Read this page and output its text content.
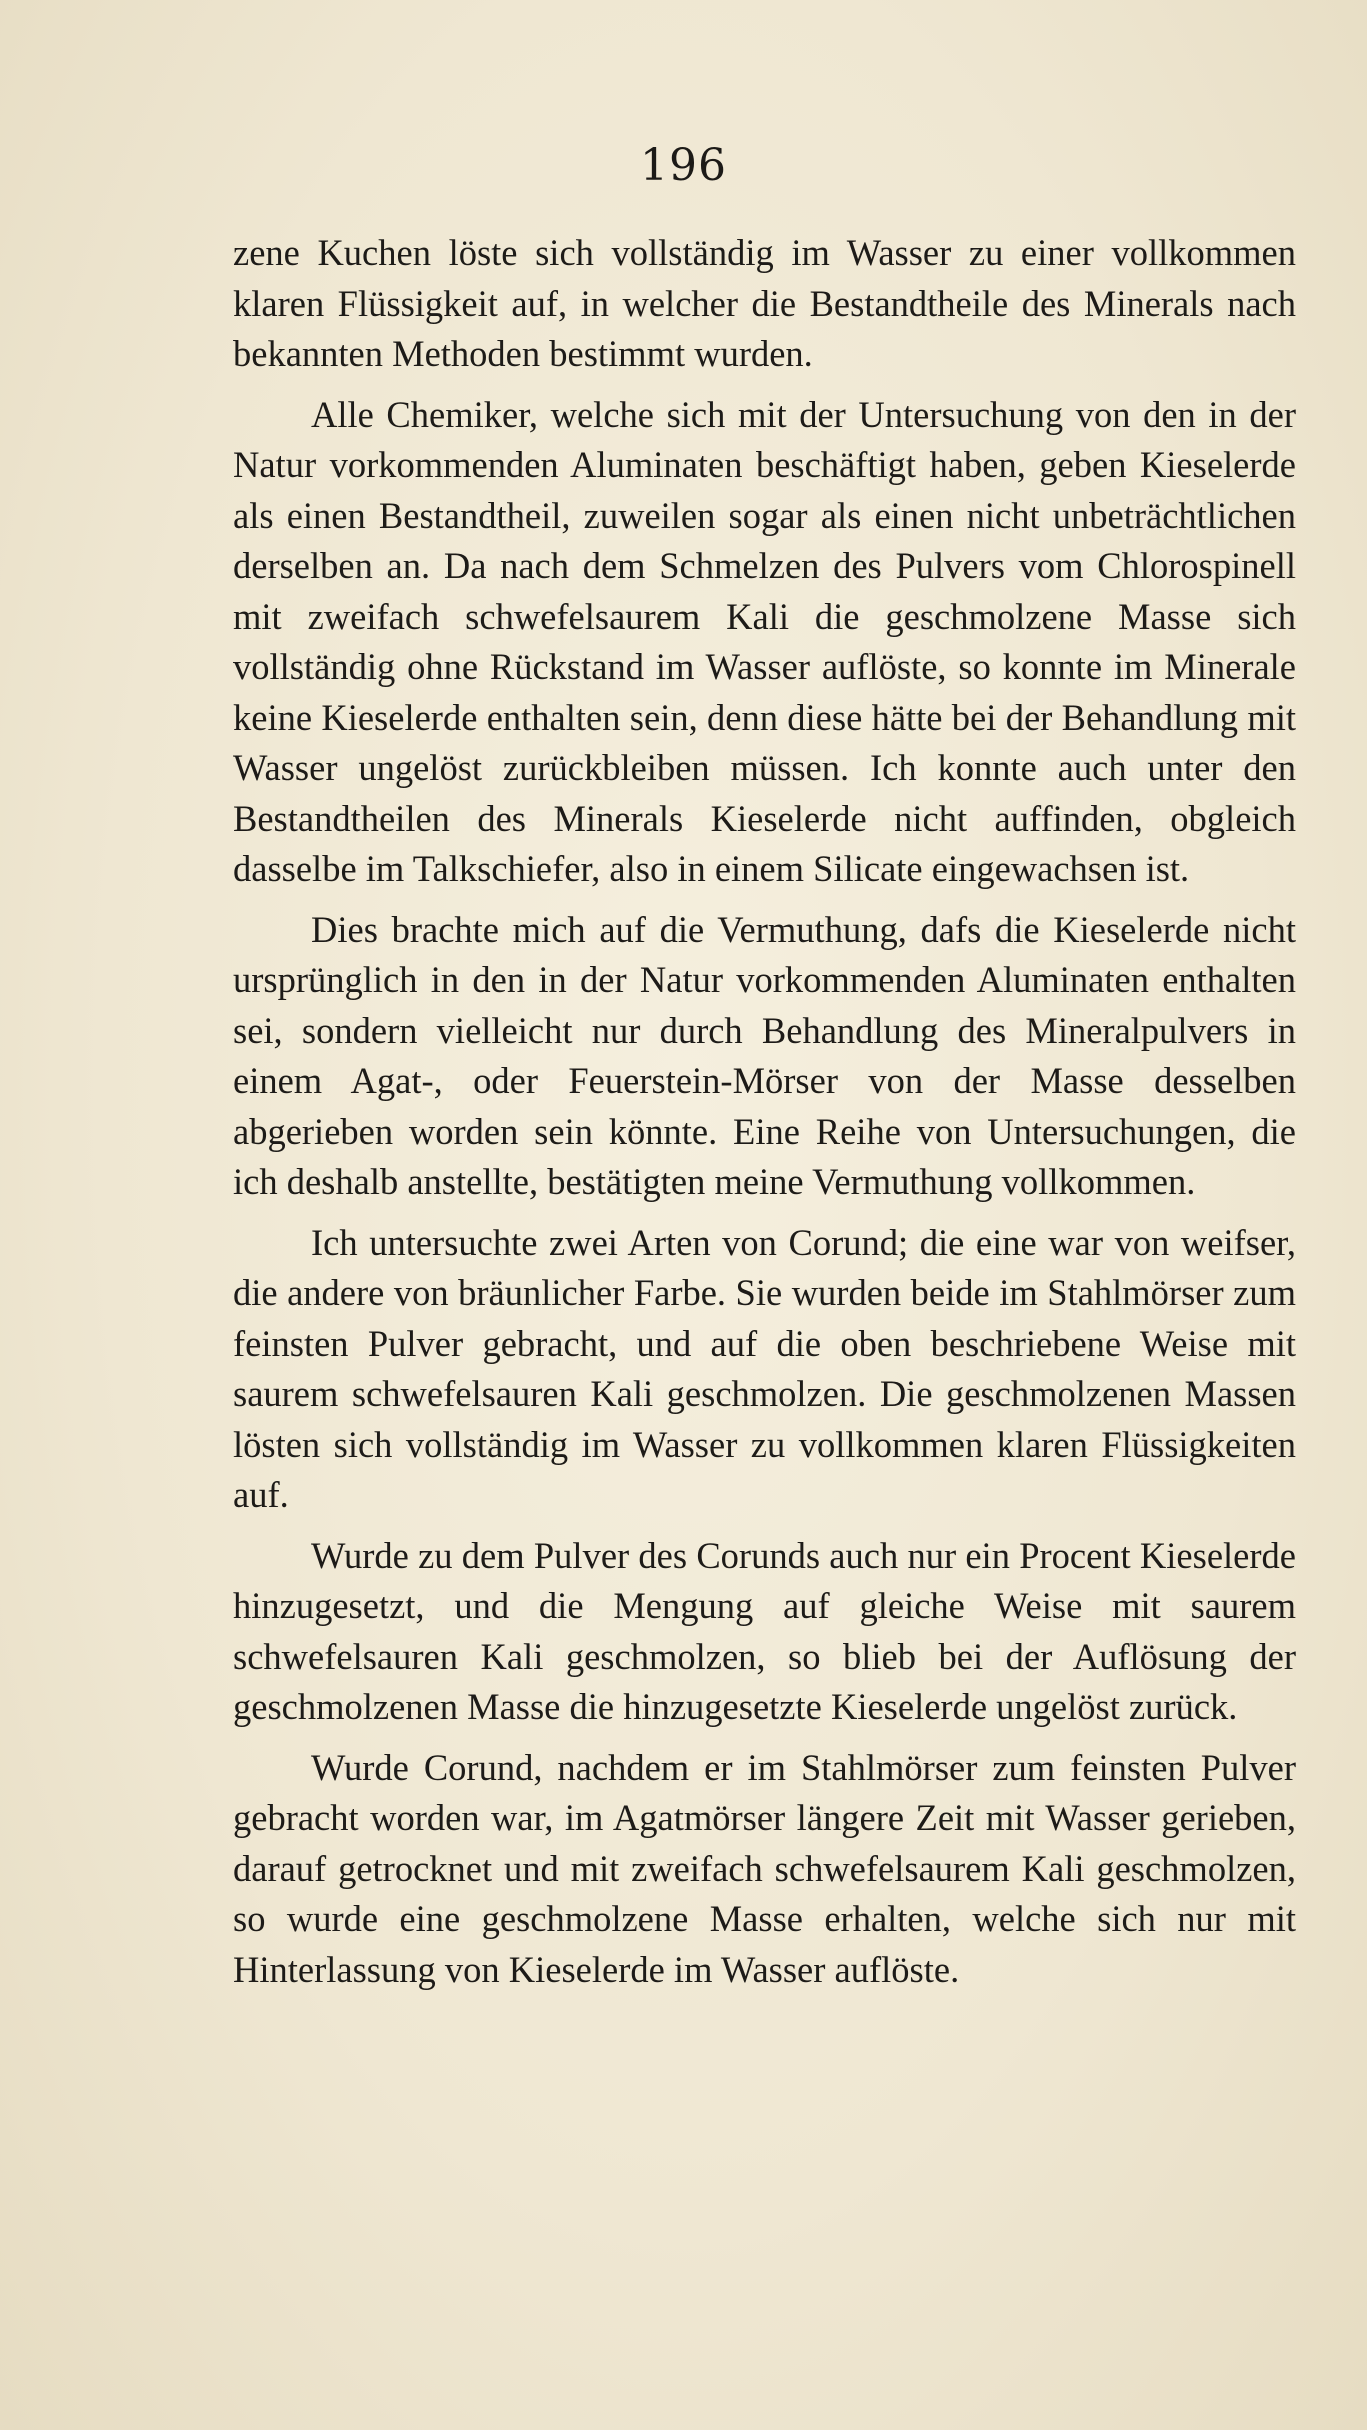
196

zene Kuchen löste sich vollständig im Wasser zu einer vollkommen klaren Flüssigkeit auf, in welcher die Bestandtheile des Minerals nach bekannten Methoden bestimmt wurden.

Alle Chemiker, welche sich mit der Untersuchung von den in der Natur vorkommenden Aluminaten beschäftigt haben, geben Kieselerde als einen Bestandtheil, zuweilen sogar als einen nicht unbeträchtlichen derselben an. Da nach dem Schmelzen des Pulvers vom Chlorospinell mit zweifach schwefelsaurem Kali die geschmolzene Masse sich vollständig ohne Rückstand im Wasser auflöste, so konnte im Minerale keine Kieselerde enthalten sein, denn diese hätte bei der Behandlung mit Wasser ungelöst zurückbleiben müssen. Ich konnte auch unter den Bestandtheilen des Minerals Kieselerde nicht auffinden, obgleich dasselbe im Talkschiefer, also in einem Silicate eingewachsen ist.

Dies brachte mich auf die Vermuthung, dafs die Kieselerde nicht ursprünglich in den in der Natur vorkommenden Aluminaten enthalten sei, sondern vielleicht nur durch Behandlung des Mineralpulvers in einem Agat-, oder Feuerstein-Mörser von der Masse desselben abgerieben worden sein könnte. Eine Reihe von Untersuchungen, die ich deshalb anstellte, bestätigten meine Vermuthung vollkommen.

Ich untersuchte zwei Arten von Corund; die eine war von weifser, die andere von bräunlicher Farbe. Sie wurden beide im Stahlmörser zum feinsten Pulver gebracht, und auf die oben beschriebene Weise mit saurem schwefelsauren Kali geschmolzen. Die geschmolzenen Massen lösten sich vollständig im Wasser zu vollkommen klaren Flüssigkeiten auf.

Wurde zu dem Pulver des Corunds auch nur ein Procent Kieselerde hinzugesetzt, und die Mengung auf gleiche Weise mit saurem schwefelsauren Kali geschmolzen, so blieb bei der Auflösung der geschmolzenen Masse die hinzugesetzte Kieselerde ungelöst zurück.

Wurde Corund, nachdem er im Stahlmörser zum feinsten Pulver gebracht worden war, im Agatmörser längere Zeit mit Wasser gerieben, darauf getrocknet und mit zweifach schwefelsaurem Kali geschmolzen, so wurde eine geschmolzene Masse erhalten, welche sich nur mit Hinterlassung von Kieselerde im Wasser auflöste.
